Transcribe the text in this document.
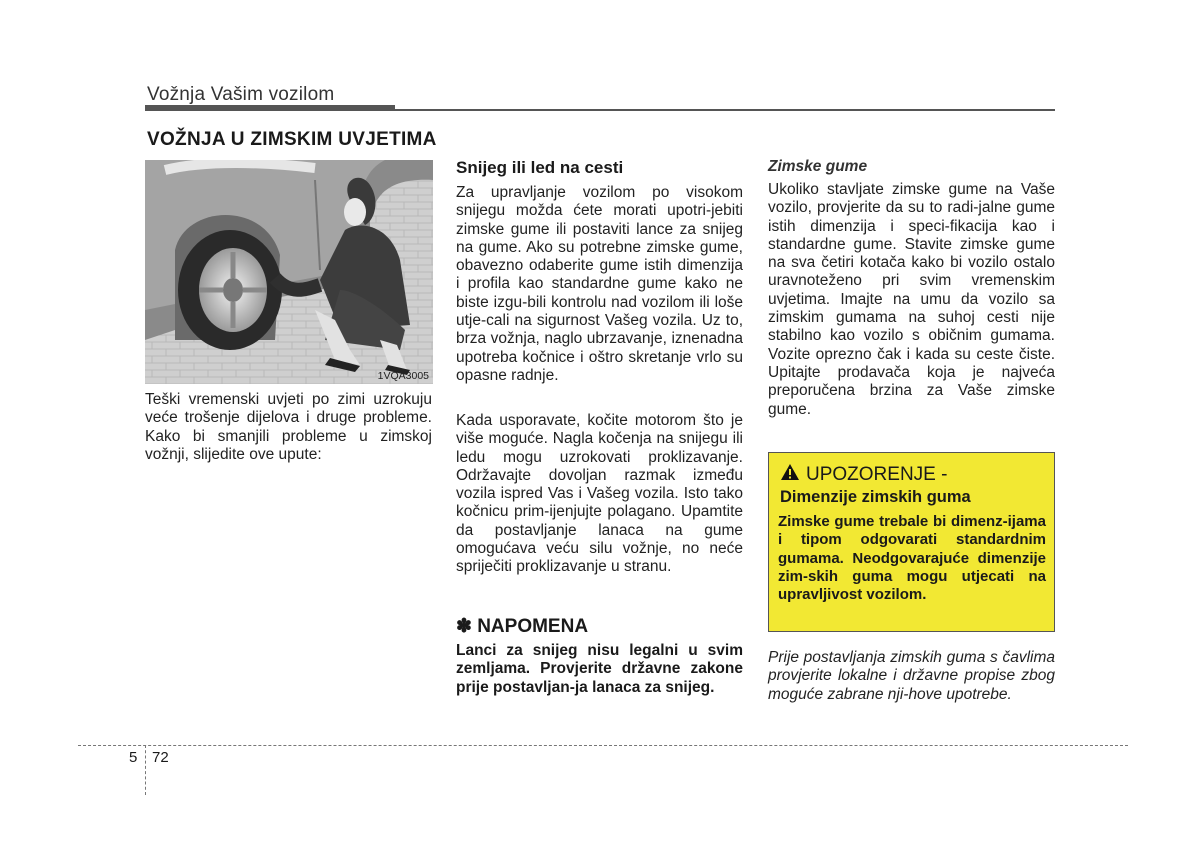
Vožnja Vašim vozilom
VOŽNJA U ZIMSKIM UVJETIMA
1VQA3005
Teški vremenski uvjeti po zimi uzrokuju veće trošenje dijelova i druge probleme. Kako bi smanjili probleme u zimskoj vožnji, slijedite ove upute:
Snijeg ili led na cesti
Za upravljanje vozilom po visokom snijegu možda ćete morati upotri-jebiti zimske gume ili postaviti lance za snijeg na gume. Ako su potrebne zimske gume, obavezno odaberite gume istih dimenzija i profila kao standardne gume kako ne biste izgu-bili kontrolu nad vozilom ili loše utje-cali na sigurnost Vašeg vozila. Uz to, brza vožnja, naglo ubrzavanje, iznenadna upotreba kočnice i oštro skretanje vrlo su opasne radnje.
Kada usporavate, kočite motorom što je više moguće. Nagla kočenja na snijegu ili ledu mogu uzrokovati proklizavanje. Održavajte dovoljan razmak između vozila ispred Vas i Vašeg vozila. Isto tako kočnicu prim-ijenjujte polagano. Upamtite da postavljanje lanaca na gume omogućava veću silu vožnje, no neće spriječiti proklizavanje u stranu.
✽ NAPOMENA
Lanci za snijeg nisu legalni u svim zemljama. Provjerite državne zakone prije postavljan-ja lanaca za snijeg.
Zimske gume
Ukoliko stavljate zimske gume na Vaše vozilo, provjerite da su to radi-jalne gume istih dimenzija i speci-fikacija kao i standardne gume. Stavite zimske gume na sva četiri kotača kako bi vozilo ostalo uravnoteženo pri svim vremenskim uvjetima. Imajte na umu da vozilo sa zimskim gumama na suhoj cesti nije stabilno kao vozilo s običnim gumama. Vozite oprezno čak i kada su ceste čiste. Upitajte prodavača koja je najveća preporučena brzina za Vaše zimske gume.
UPOZORENJE -
Dimenzije zimskih guma
Zimske gume trebale bi dimenz-ijama i tipom odgovarati standardnim gumama. Neodgovarajuće dimenzije zim-skih guma mogu utjecati na upravljivost vozilom.
Prije postavljanja zimskih guma s čavlima provjerite lokalne i državne propise zbog moguće zabrane nji-hove upotrebe.
5 72
